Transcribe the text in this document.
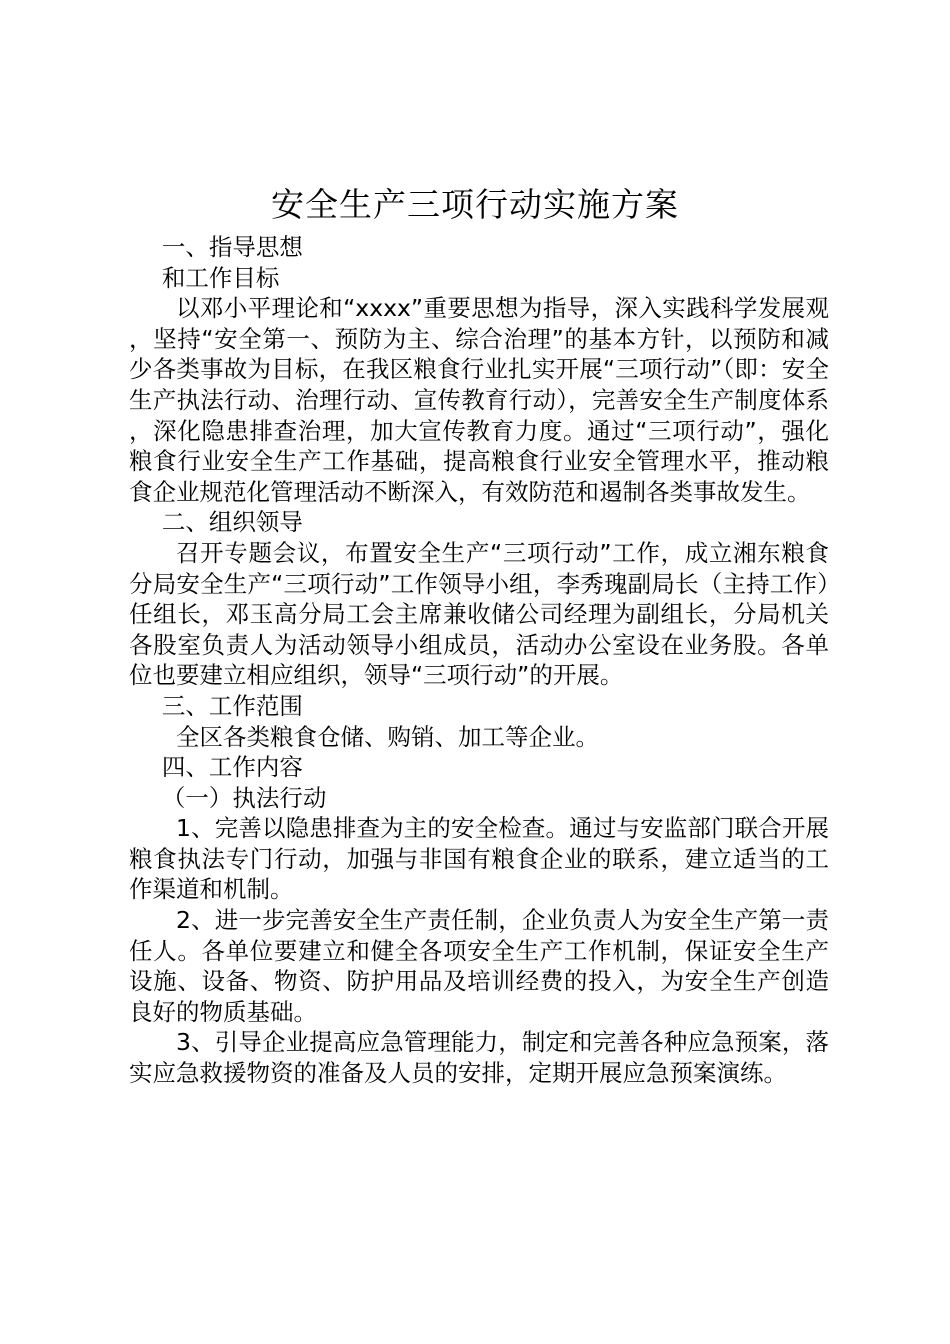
安全生产三项行动实施方案
一、指导思想
和工作目标

以邓小平理论和“xxxx”重要思想为指导，深入实践科学发展观，坚持“安全第一、预防为主、综合治理”的基本方针，以预防和减少各类事故为目标，在我区粮食行业扎实开展“三项行动”（即：安全生产执法行动、治理行动、宣传教育行动），完善安全生产制度体系，深化隐患排查治理，加大宣传教育力度。通过“三项行动”，强化粮食行业安全生产工作基础，提高粮食行业安全管理水平，推动粮食企业规范化管理活动不断深入，有效防范和遏制各类事故发生。

二、组织领导

召开专题会议，布置安全生产“三项行动”工作，成立湘东粮食分局安全生产“三项行动”工作领导小组，李秀瑰副局长（主持工作）任组长，邓玉高分局工会主席兼收储公司经理为副组长，分局机关各股室负责人为活动领导小组成员，活动办公室设在业务股。各单位也要建立相应组织，领导“三项行动”的开展。

三、工作范围

全区各类粮食仓储、购销、加工等企业。

四、工作内容
（一）执法行动

1、完善以隐患排查为主的安全检查。通过与安监部门联合开展粮食执法专门行动，加强与非国有粮食企业的联系，建立适当的工作渠道和机制。

2、进一步完善安全生产责任制，企业负责人为安全生产第一责任人。各单位要建立和健全各项安全生产工作机制，保证安全生产设施、设备、物资、防护用品及培训经费的投入，为安全生产创造良好的物质基础。

3、引导企业提高应急管理能力，制定和完善各种应急预案，落实应急救援物资的准备及人员的安排，定期开展应急预案演练。
